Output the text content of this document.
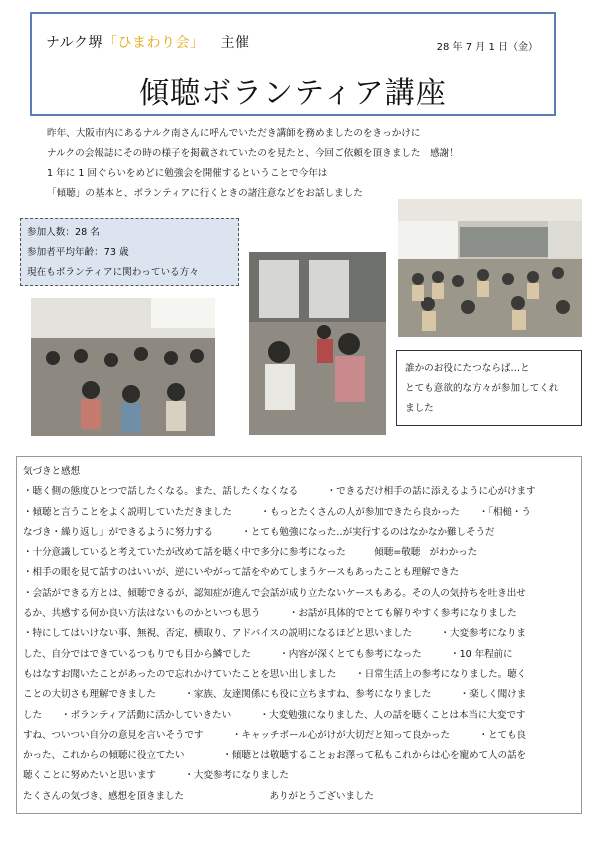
ナルク堺「ひまわり会」 主催	28 年 7 月 1 日（金）
傾聴ボランティア講座
昨年、大阪市内にあるナルク南さんに呼んでいただき講師を務めましたのをきっかけに
ナルクの会報誌にその時の様子を掲載されていたのを見たと、今回ご依頼を頂きました　感謝！
1 年に 1 回ぐらいをめどに勉強会を開催するということで今年は
「傾聴」の基本と、ボランティアに行くときの諸注意などをお話しました
参加人数：28 名
参加者平均年齢：73 歳
現在もボランティアに関わっている方々
誰かのお役にたつならば…と
とても意欲的な方々が参加してくれ
ました
気づきと感想
・聴く側の態度ひとつで話したくなる。また、話したくなくなる　　　・できるだけ相手の話に添えるように心がけます
・傾聴と言うことをよく説明していただきました　　　・もっとたくさんの人が参加できたら良かった　　・「相槌・う
なづき・繰り返し」ができるように努力する　　　・とても勉強になった‥が実行するのはなかなか難しそうだ
・十分意識していると考えていたが改めて話を聴く中で多分に参考になった　　　傾聴=敬聴　がわかった
・相手の眼を見て話すのはいいが、逆にいやがって話をやめてしまうケースもあったことも理解できた
・会話ができる方とは、傾聴できるが、認知症が進んで会話が成り立たないケースもある。その人の気持ちを吐き出せ
るか、共感する何か良い方法はないものかといつも思う　　　・お話が具体的でとても解りやすく参考になりました
・特にしてはいけない事、無視、否定、横取り、アドバイスの説明になるほどと思いました　　　・大変参考になりま
した、自分ではできているつもりでも目から鱗でした　　　・内容が深くとても参考になった　　　・10 年程前に
もはなすお聞いたことがあったので忘れかけていたことを思い出しました　　・日常生活上の参考になりました。聴く
ことの大切さも理解できました　　　・家族、友達関係にも役に立ちますね、参考になりました　　　・楽しく聞けま
した　　・ボランティア活動に活かしていきたい　　　・大変勉強になりました、人の話を聴くことは本当に大変です
すね、ついつい自分の意見を言いそうです　　　・キャッチボール心がけが大切だと知って良かった　　　・とても良
かった、これからの傾聴に役立てたい　　　　・傾聴とは敬聴することぉお澤って私もこれからは心を寵めて人の話を
聴くことに努めたいと思います　　　・大変参考になりました
たくさんの気づき、感想を頂きました　　　　　　　　　ありがとうございました
